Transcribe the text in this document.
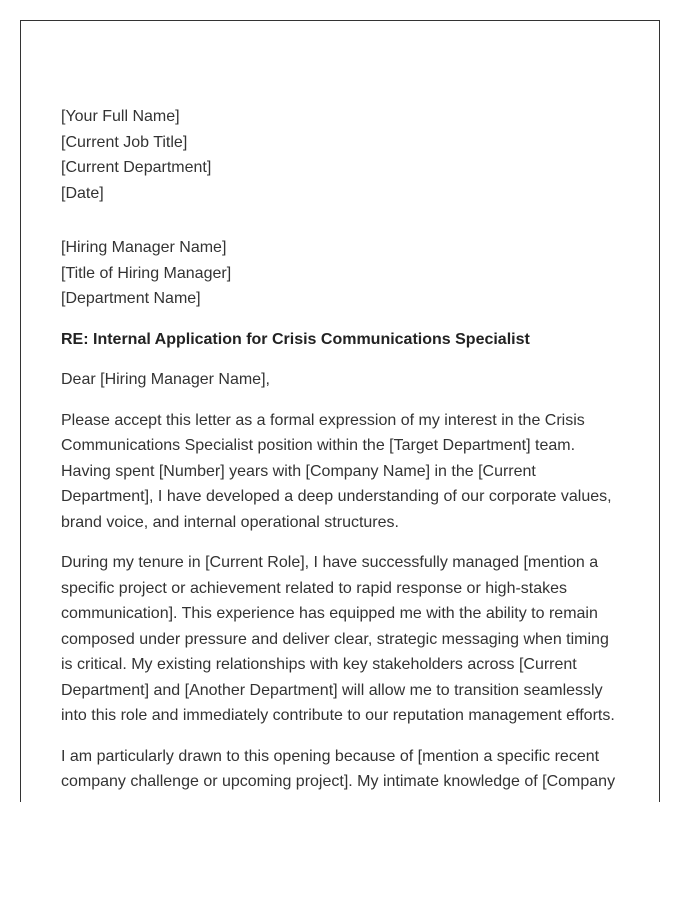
[Your Full Name]
[Current Job Title]
[Current Department]
[Date]
[Hiring Manager Name]
[Title of Hiring Manager]
[Department Name]
RE: Internal Application for Crisis Communications Specialist
Dear [Hiring Manager Name],

Please accept this letter as a formal expression of my interest in the Crisis Communications Specialist position within the [Target Department] team. Having spent [Number] years with [Company Name] in the [Current Department], I have developed a deep understanding of our corporate values, brand voice, and internal operational structures.

During my tenure in [Current Role], I have successfully managed [mention a specific project or achievement related to rapid response or high-stakes communication]. This experience has equipped me with the ability to remain composed under pressure and deliver clear, strategic messaging when timing is critical. My existing relationships with key stakeholders across [Current Department] and [Another Department] will allow me to transition seamlessly into this role and immediately contribute to our reputation management efforts.

I am particularly drawn to this opening because of [mention a specific recent company challenge or upcoming project]. My intimate knowledge of [Company
